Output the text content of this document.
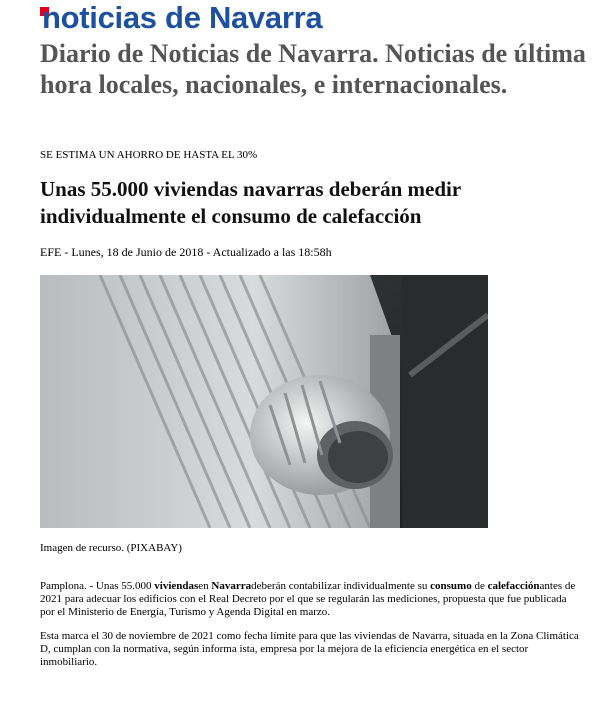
noticias de Navarra
Diario de Noticias de Navarra. Noticias de última hora locales, nacionales, e internacionales.

SE ESTIMA UN AHORRO DE HASTA EL 30%

Unas 55.000 viviendas navarras deberán medir individualmente el consumo de calefacción
EFE - Lunes, 18 de Junio de 2018 - Actualizado a las 18:58h
Imagen de recurso. (PIXABAY)

Pamplona. - Unas 55.000 viviendasen Navarradeberán contabilizar individualmente su consumo de calefacciónantes de 2021 para adecuar los edificios con el Real Decreto por el que se regularán las mediciones, propuesta que fue publicada por el Ministerio de Energía, Turismo y Agenda Digital en marzo.

Esta marca el 30 de noviembre de 2021 como fecha límite para que las viviendas de Navarra, situada en la Zona Climática D, cumplan con la normativa, según informa ista, empresa por la mejora de la eficiencia energética en el sector inmobiliario.
